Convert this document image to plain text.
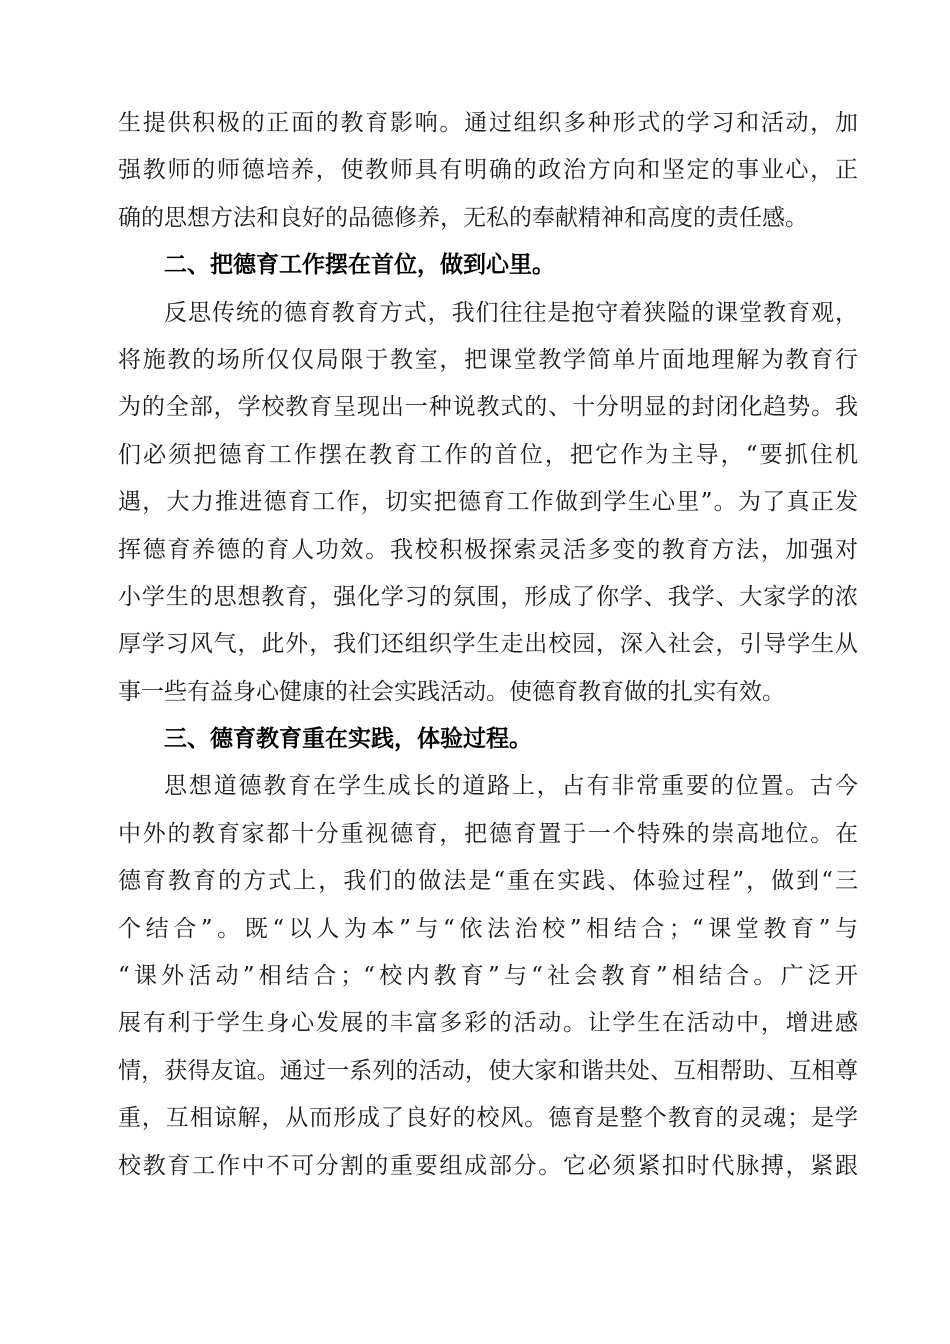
生提供积极的正面的教育影响。通过组织多种形式的学习和活动，加
强教师的师德培养，使教师具有明确的政治方向和坚定的事业心，正
确的思想方法和良好的品德修养，无私的奉献精神和高度的责任感。
二、把德育工作摆在首位，做到心里。
反思传统的德育教育方式，我们往往是抱守着狭隘的课堂教育观，
将施教的场所仅仅局限于教室，把课堂教学简单片面地理解为教育行
为的全部，学校教育呈现出一种说教式的、十分明显的封闭化趋势。我
们必须把德育工作摆在教育工作的首位，把它作为主导，“要抓住机
遇，大力推进德育工作，切实把德育工作做到学生心里”。为了真正发
挥德育养德的育人功效。我校积极探索灵活多变的教育方法，加强对
小学生的思想教育，强化学习的氛围，形成了你学、我学、大家学的浓
厚学习风气，此外，我们还组织学生走出校园，深入社会，引导学生从
事一些有益身心健康的社会实践活动。使德育教育做的扎实有效。
三、德育教育重在实践，体验过程。
思想道德教育在学生成长的道路上，占有非常重要的位置。古今
中外的教育家都十分重视德育，把德育置于一个特殊的崇高地位。在
德育教育的方式上，我们的做法是“重在实践、体验过程”，做到“三
个结合”。既“以人为本”与“依法治校”相结合；“课堂教育”与
“课外活动”相结合；“校内教育”与“社会教育”相结合。广泛开
展有利于学生身心发展的丰富多彩的活动。让学生在活动中，增进感
情，获得友谊。通过一系列的活动，使大家和谐共处、互相帮助、互相尊
重，互相谅解，从而形成了良好的校风。德育是整个教育的灵魂；是学
校教育工作中不可分割的重要组成部分。它必须紧扣时代脉搏，紧跟
